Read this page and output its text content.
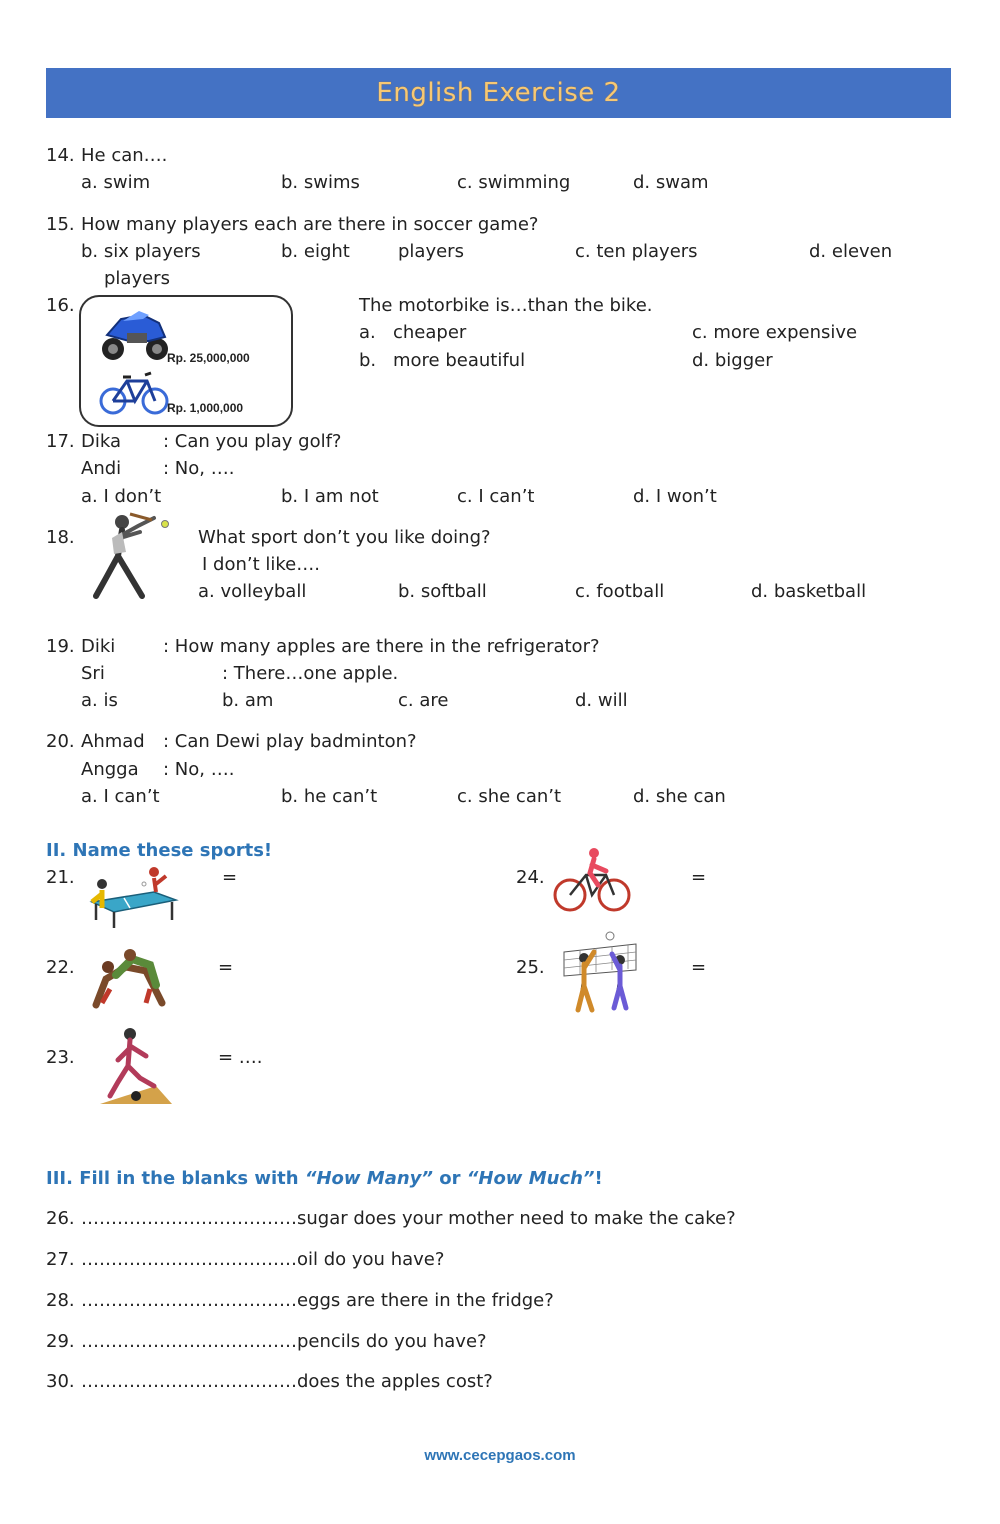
English Exercise 2
14. He can….
a. swim	b. swims	c. swimming	d. swam
15. How many players each are there in soccer game?
b. six players	b. eight	players	c. ten players	d. eleven
players
16.
Rp. 25,000,000
Rp. 1,000,000
The motorbike is…than the bike.
a. cheaper	c. more expensive
b. more beautiful	d. bigger
17. Dika : Can you play golf?
Andi : No, ….
a. I don’t	b. I am not	c. I can’t	d. I won’t
18.	What sport don’t you like doing?
I don’t like….
a. volleyball	b. softball	c. football	d. basketball
19. Diki	: How many apples are there in the refrigerator?
Sri	: There…one apple.
a. is	b. am	c. are	d. will
20. Ahmad : Can Dewi play badminton?
Angga : No, ….
a. I can’t	b. he can’t	c. she can’t	d. she can
II. Name these sports!
21.	=	24.	=
22.	=	25.	=
23.	= ….
III. Fill in the blanks with “How Many” or “How Much”!
26. ………………………………sugar does your mother need to make the cake?
27. ………………………………oil do you have?
28. ………………………………eggs are there in the fridge?
29. ………………………………pencils do you have?
30. ………………………………does the apples cost?
www.cecepgaos.com
